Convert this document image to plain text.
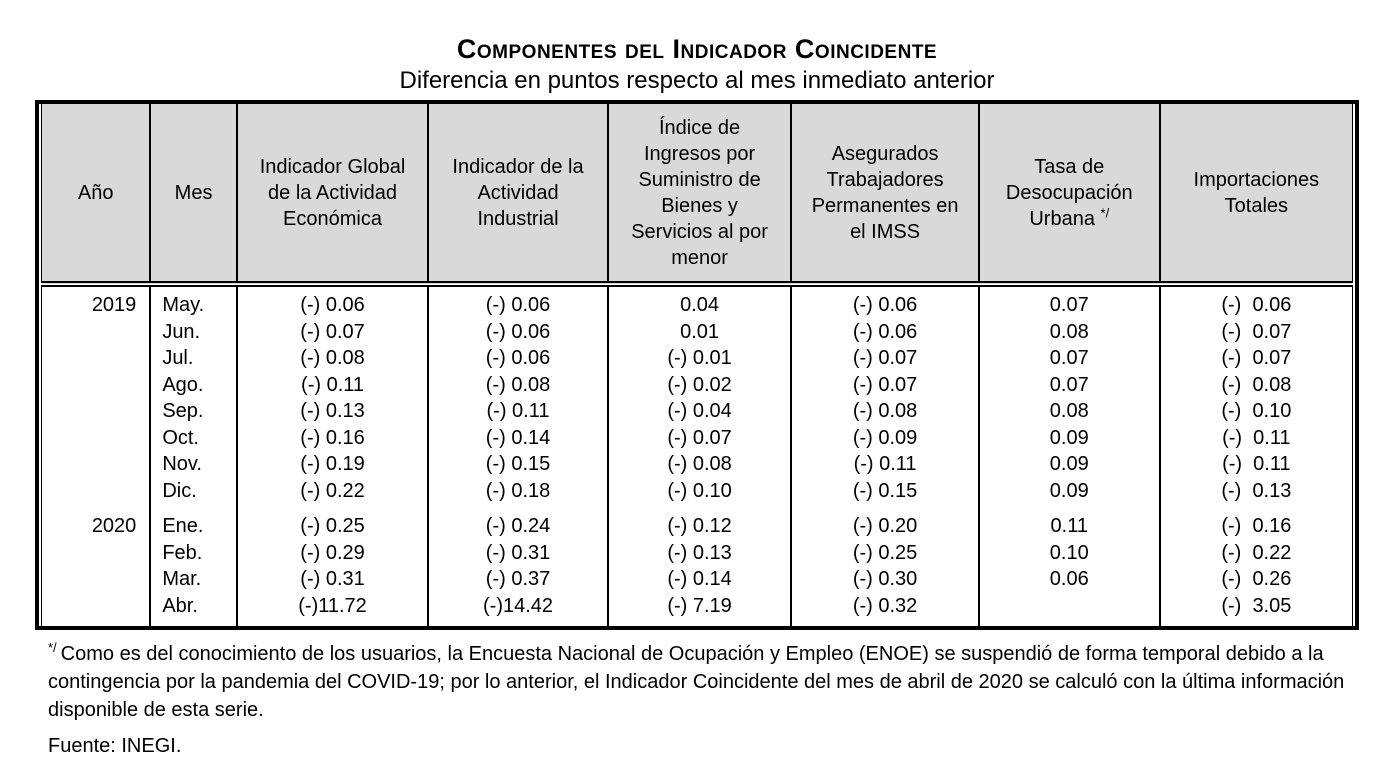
Componentes del Indicador Coincidente
Diferencia en puntos respecto al mes inmediato anterior
Año	Mes	Indicador Global de la Actividad Económica	Indicador de la Actividad Industrial	Índice de Ingresos por Suministro de Bienes y Servicios al por menor	Asegurados Trabajadores Permanentes en el IMSS	Tasa de Desocupación Urbana */	Importaciones Totales
2019	May.	(-) 0.06	(-) 0.06	0.04	(-) 0.06	0.07	(-)  0.06
	Jun.	(-) 0.07	(-) 0.06	0.01	(-) 0.06	0.08	(-)  0.07
	Jul.	(-) 0.08	(-) 0.06	(-) 0.01	(-) 0.07	0.07	(-)  0.07
	Ago.	(-) 0.11	(-) 0.08	(-) 0.02	(-) 0.07	0.07	(-)  0.08
	Sep.	(-) 0.13	(-) 0.11	(-) 0.04	(-) 0.08	0.08	(-)  0.10
	Oct.	(-) 0.16	(-) 0.14	(-) 0.07	(-) 0.09	0.09	(-)  0.11
	Nov.	(-) 0.19	(-) 0.15	(-) 0.08	(-) 0.11	0.09	(-)  0.11
	Dic.	(-) 0.22	(-) 0.18	(-) 0.10	(-) 0.15	0.09	(-)  0.13
2020	Ene.	(-) 0.25	(-) 0.24	(-) 0.12	(-) 0.20	0.11	(-)  0.16
	Feb.	(-) 0.29	(-) 0.31	(-) 0.13	(-) 0.25	0.10	(-)  0.22
	Mar.	(-) 0.31	(-) 0.37	(-) 0.14	(-) 0.30	0.06	(-)  0.26
	Abr.	(-)11.72	(-)14.42	(-) 7.19	(-) 0.32		(-)  3.05
*/ Como es del conocimiento de los usuarios, la Encuesta Nacional de Ocupación y Empleo (ENOE) se suspendió de forma temporal debido a la contingencia por la pandemia del COVID-19; por lo anterior, el Indicador Coincidente del mes de abril de 2020 se calculó con la última información disponible de esta serie.
Fuente: INEGI.
